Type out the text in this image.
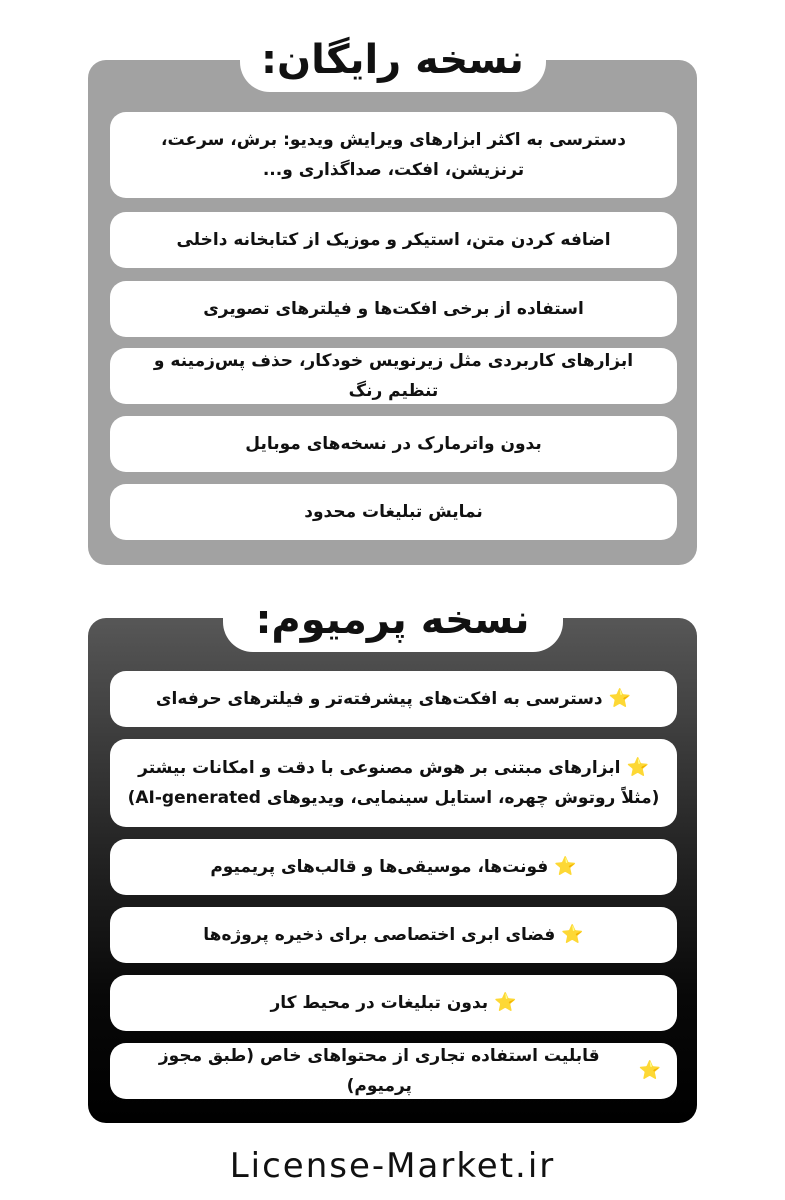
نسخه رایگان:
دسترسی به اکثر ابزارهای ویرایش ویدیو: برش، سرعت، ترنزیشن، افکت، صداگذاری و...
اضافه کردن متن، استیکر و موزیک از کتابخانه داخلی
استفاده از برخی افکت‌ها و فیلترهای تصویری
ابزارهای کاربردی مثل زیرنویس خودکار، حذف پس‌زمینه و تنظیم رنگ
بدون واترمارک در نسخه‌های موبایل
نمایش تبلیغات محدود
نسخه پرمیوم:
⭐
دسترسی به افکت‌های پیشرفته‌تر و فیلترهای حرفه‌ای
⭐ابزارهای مبتنی بر هوش مصنوعی با دقت و امکانات بیشتر (مثلاً روتوش چهره، استایل سینمایی، ویدیوهای AI-generated)
⭐
فونت‌ها، موسیقی‌ها و قالب‌های پریمیوم
⭐
فضای ابری اختصاصی برای ذخیره پروژه‌ها
⭐
بدون تبلیغات در محیط کار
⭐
قابلیت استفاده تجاری از محتواهای خاص (طبق مجوز پرمیوم)
License-Market.ir
